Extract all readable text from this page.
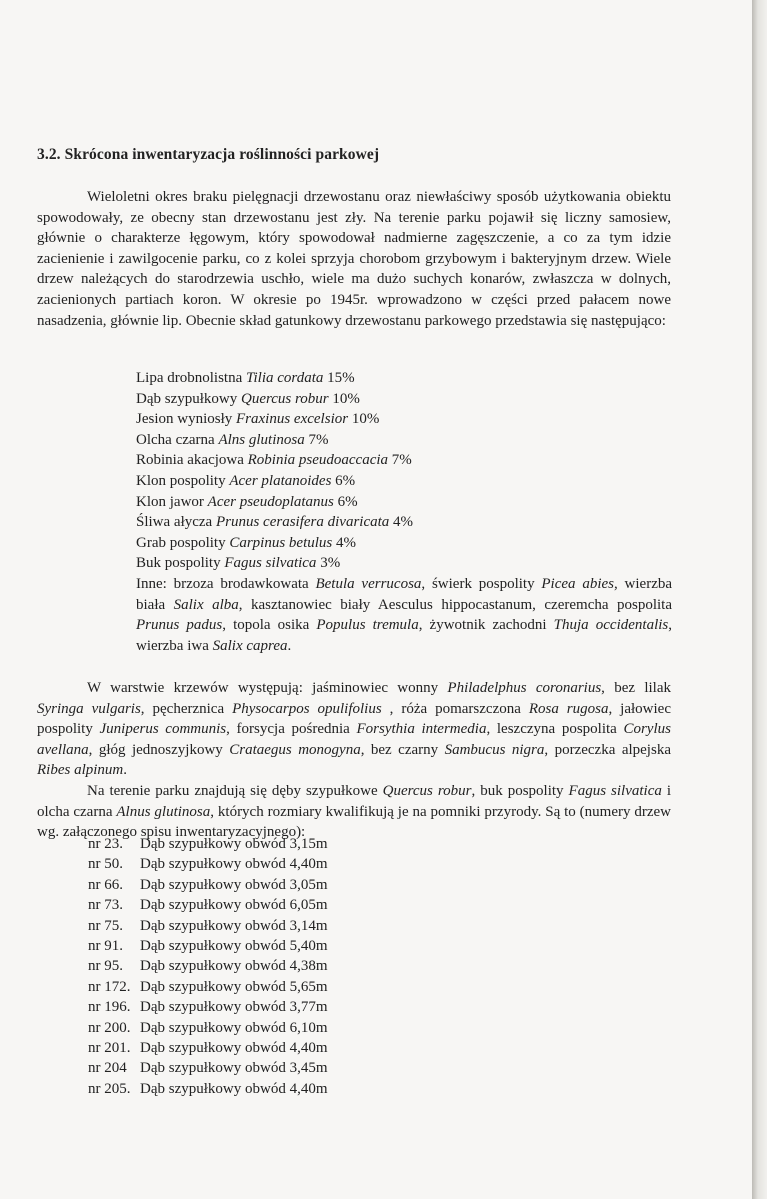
3.2. Skrócona inwentaryzacja roślinności parkowej

Wieloletni okres braku pielęgnacji drzewostanu oraz niewłaściwy sposób użytkowania obiektu spowodowały, ze obecny stan drzewostanu jest zły. Na terenie parku pojawił się liczny samosiew, głównie o charakterze łęgowym, który spowodował nadmierne zagęszczenie, a co za tym idzie zacienienie i zawilgocenie parku, co z kolei sprzyja chorobom grzybowym i bakteryjnym drzew. Wiele drzew należących do starodrzewia uschło, wiele ma dużo suchych konarów, zwłaszcza w dolnych, zacienionych partiach koron. W okresie po 1945r. wprowadzono w części przed pałacem nowe nasadzenia, głównie lip. Obecnie skład gatunkowy drzewostanu parkowego przedstawia się następująco:

Lipa drobnolistna Tilia cordata 15%
Dąb szypułkowy Quercus robur 10%
Jesion wyniosły Fraxinus excelsior 10%
Olcha czarna Alns glutinosa 7%
Robinia akacjowa Robinia pseudoaccacia 7%
Klon pospolity Acer platanoides 6%
Klon jawor Acer pseudoplatanus 6%
Śliwa ałycza Prunus cerasifera divaricata 4%
Grab pospolity Carpinus betulus 4%
Buk pospolity Fagus silvatica 3%
Inne: brzoza brodawkowata Betula verrucosa, świerk pospolity Picea abies, wierzba biała Salix alba, kasztanowiec biały Aesculus hippocastanum, czeremcha pospolita Prunus padus, topola osika Populus tremula, żywotnik zachodni Thuja occidentalis, wierzba iwa Salix caprea.

W warstwie krzewów występują: jaśminowiec wonny Philadelphus coronarius, bez lilak Syringa vulgaris, pęcherznica Physocarpos opulifolius , róża pomarszczona Rosa rugosa, jałowiec pospolity Juniperus communis, forsycja pośrednia Forsythia intermedia, leszczyna pospolita Corylus avellana, głóg jednoszyjkowy Crataegus monogyna, bez czarny Sambucus nigra, porzeczka alpejska Ribes alpinum.

Na terenie parku znajdują się dęby szypułkowe Quercus robur, buk pospolity Fagus silvatica i olcha czarna Alnus glutinosa, których rozmiary kwalifikują je na pomniki przyrody. Są to (numery drzew wg. załączonego spisu inwentaryzacyjnego):

nr 23. Dąb szypułkowy obwód 3,15m
nr 50. Dąb szypułkowy obwód 4,40m
nr 66. Dąb szypułkowy obwód 3,05m
nr 73. Dąb szypułkowy obwód 6,05m
nr 75. Dąb szypułkowy obwód 3,14m
nr 91. Dąb szypułkowy obwód 5,40m
nr 95. Dąb szypułkowy obwód 4,38m
nr 172. Dąb szypułkowy obwód 5,65m
nr 196. Dąb szypułkowy obwód 3,77m
nr 200. Dąb szypułkowy obwód 6,10m
nr 201. Dąb szypułkowy obwód 4,40m
nr 204 Dąb szypułkowy obwód 3,45m
nr 205. Dąb szypułkowy obwód 4,40m
